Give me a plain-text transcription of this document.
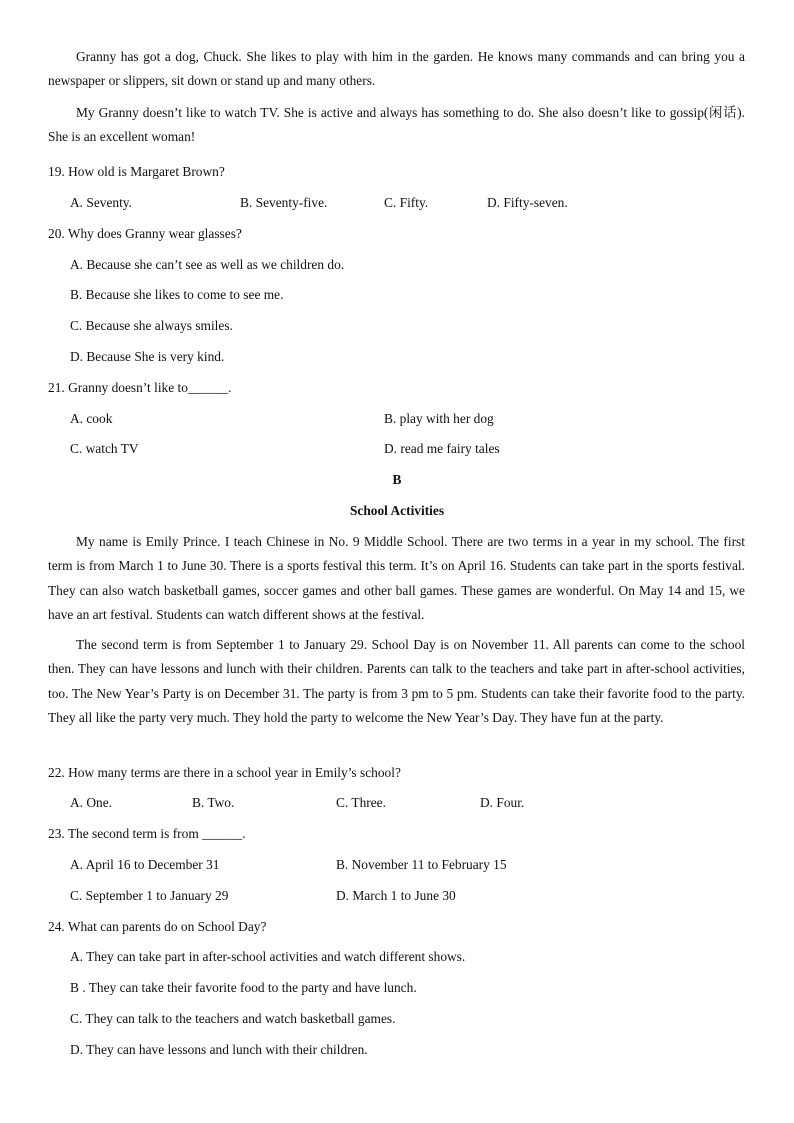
Granny has got a dog, Chuck. She likes to play with him in the garden. He knows many commands and can bring you a newspaper or slippers, sit down or stand up and many others.

My Granny doesn’t like to watch TV. She is active and always has something to do. She also doesn’t like to gossip(闲话). She is an excellent woman!

19. How old is Margaret Brown?

A. Seventy.	B. Seventy-five.	C. Fifty.	D. Fifty-seven.

20. Why does Granny wear glasses?

A. Because she can’t see as well as we children do.

B. Because she likes to come to see me.

C. Because she always smiles.

D. Because She is very kind.

21. Granny doesn’t like to______.

A. cook	B. play with her dog

C. watch TV	D. read me fairy tales

B

School Activities

My name is Emily Prince. I teach Chinese in No. 9 Middle School. There are two terms in a year in my school. The first term is from March 1 to June 30. There is a sports festival this term. It’s on April 16. Students can take part in the sports festival. They can also watch basketball games, soccer games and other ball games. These games are wonderful. On May 14 and 15, we have an art festival. Students can watch different shows at the festival.

The second term is from September 1 to January 29. School Day is on November 11. All parents can come to the school then. They can have lessons and lunch with their children. Parents can talk to the teachers and take part in after-school activities, too. The New Year’s Party is on December 31. The party is from 3 pm to 5 pm. Students can take their favorite food to the party. They all like the party very much. They hold the party to welcome the New Year’s Day. They have fun at the party.

22. How many terms are there in a school year in Emily’s school?

A. One.	B. Two.	C. Three.	D. Four.

23. The second term is from ______.

A. April 16 to December 31	B. November 11 to February 15

C. September 1 to January 29	D. March 1 to June 30

24. What can parents do on School Day?

A. They can take part in after-school activities and watch different shows.

B . They can take their favorite food to the party and have lunch.

C. They can talk to the teachers and watch basketball games.

D. They can have lessons and lunch with their children.
